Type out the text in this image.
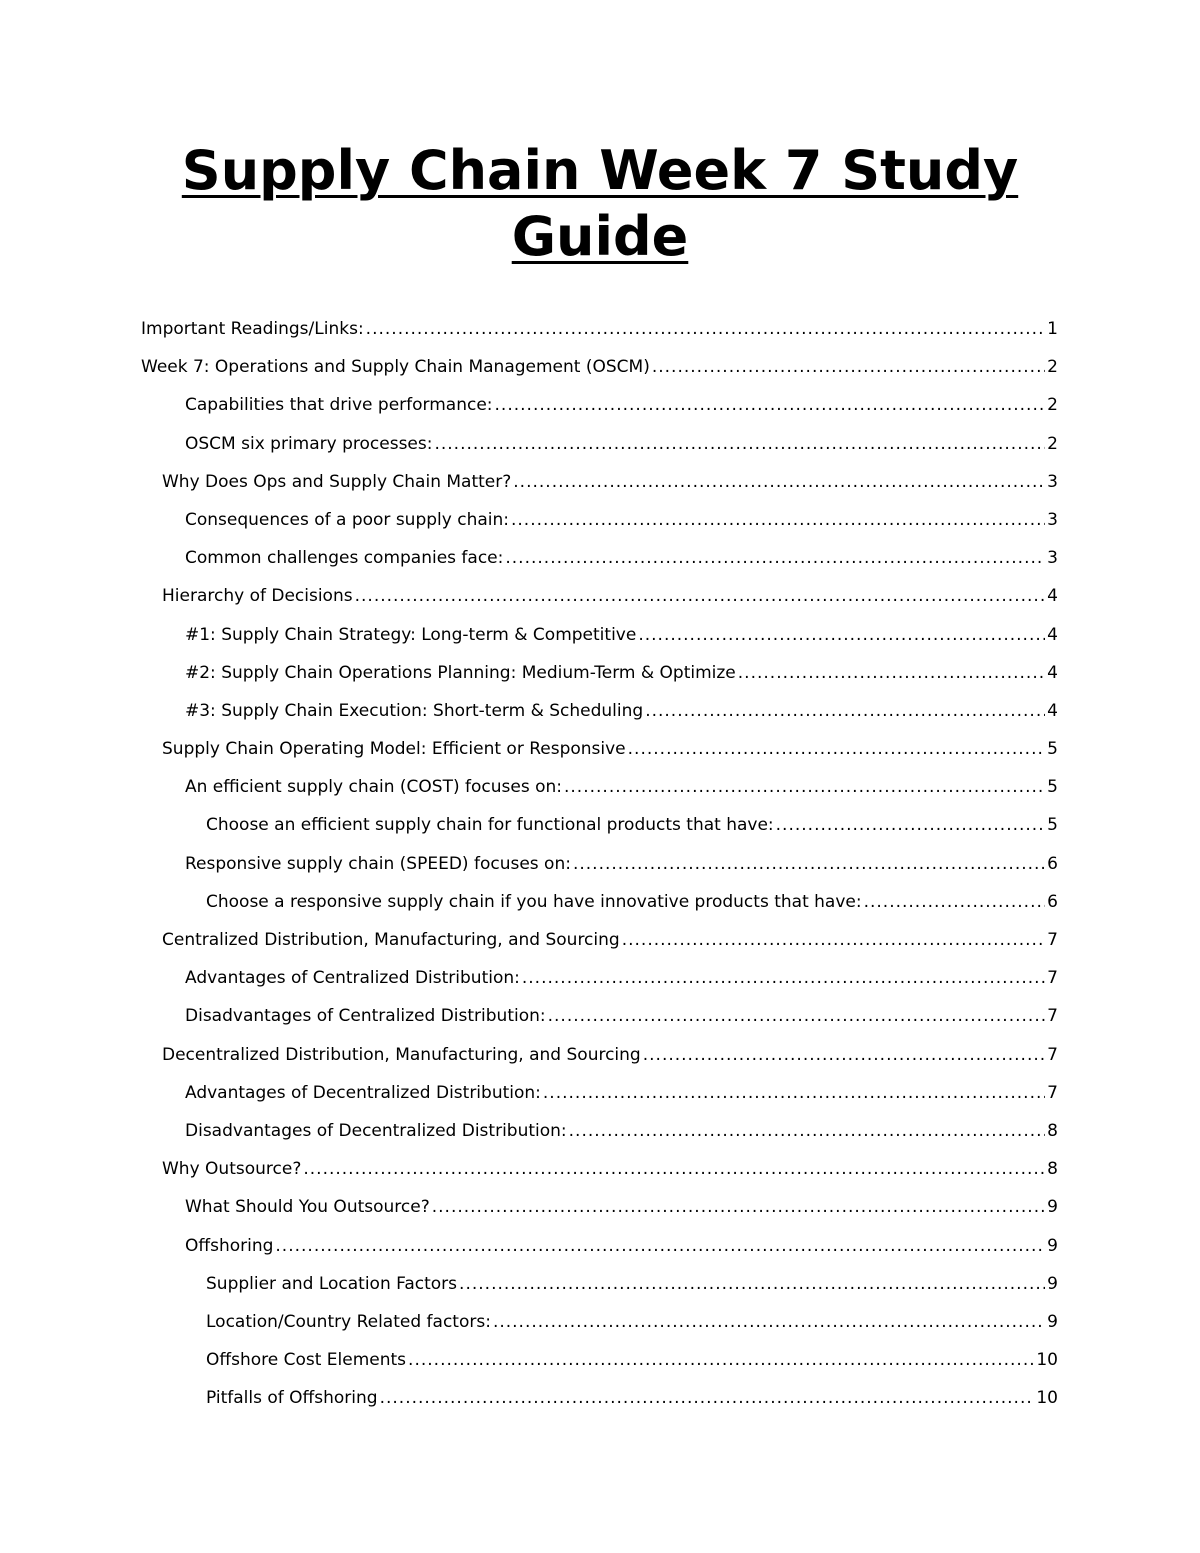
Supply Chain Week 7 Study Guide
Important Readings/Links: .....	1
Week 7: Operations and Supply Chain Management (OSCM) .....	2
Capabilities that drive performance: .....	2
OSCM six primary processes: .....	2
Why Does Ops and Supply Chain Matter? .....	3
Consequences of a poor supply chain: .....	3
Common challenges companies face: .....	3
Hierarchy of Decisions .....	4
#1: Supply Chain Strategy: Long-term & Competitive .....	4
#2: Supply Chain Operations Planning: Medium-Term & Optimize .....	4
#3: Supply Chain Execution: Short-term & Scheduling .....	4
Supply Chain Operating Model: Efficient or Responsive .....	5
An efficient supply chain (COST) focuses on: .....	5
Choose an efficient supply chain for functional products that have: .....	5
Responsive supply chain (SPEED) focuses on: .....	6
Choose a responsive supply chain if you have innovative products that have: .....	6
Centralized Distribution, Manufacturing, and Sourcing .....	7
Advantages of Centralized Distribution: .....	7
Disadvantages of Centralized Distribution: .....	7
Decentralized Distribution, Manufacturing, and Sourcing .....	7
Advantages of Decentralized Distribution: .....	7
Disadvantages of Decentralized Distribution: .....	8
Why Outsource? .....	8
What Should You Outsource? .....	9
Offshoring .....	9
Supplier and Location Factors .....	9
Location/Country Related factors: .....	9
Offshore Cost Elements .....	10
Pitfalls of Offshoring .....	10
